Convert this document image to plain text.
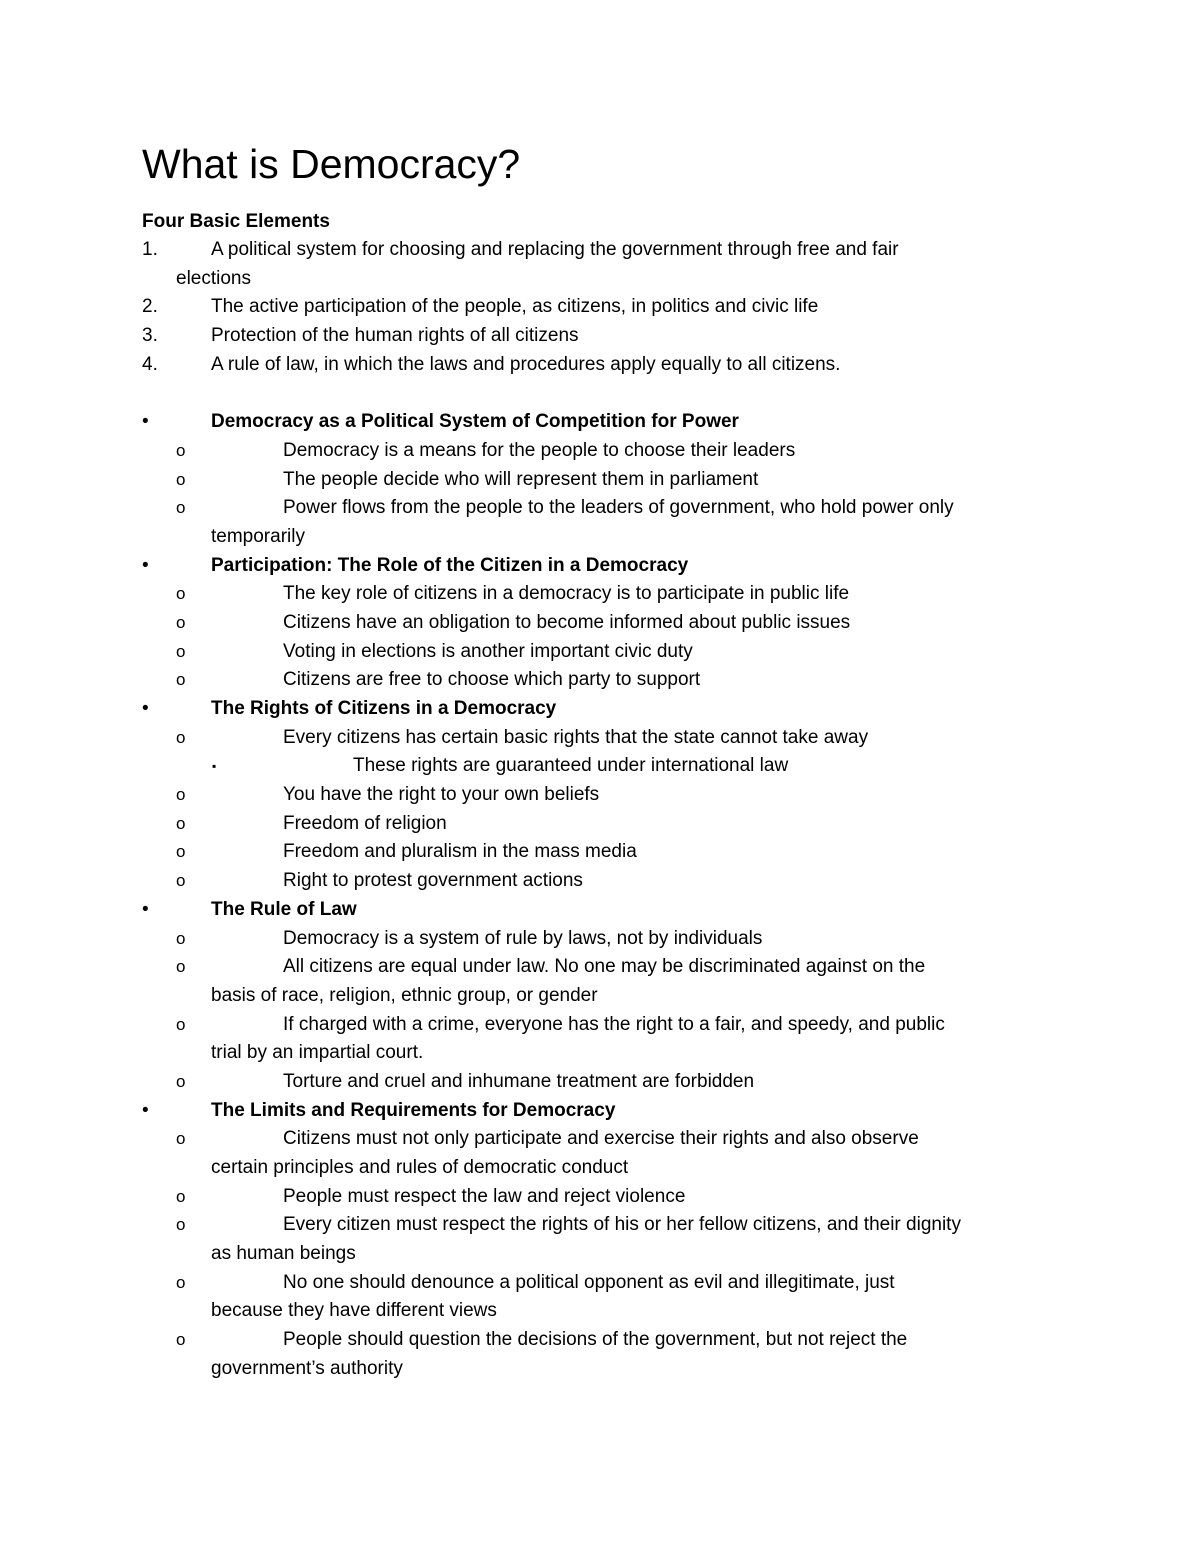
What is Democracy?
Four Basic Elements
1.	A political system for choosing and replacing the government through free and fair
elections
2.	The active participation of the people, as citizens, in politics and civic life
3.	Protection of the human rights of all citizens
4.	A rule of law, in which the laws and procedures apply equally to all citizens.
•	Democracy as a Political System of Competition for Power
o	Democracy is a means for the people to choose their leaders
o	The people decide who will represent them in parliament
o	Power flows from the people to the leaders of government, who hold power only
temporarily
•	Participation: The Role of the Citizen in a Democracy
o	The key role of citizens in a democracy is to participate in public life
o	Citizens have an obligation to become informed about public issues
o	Voting in elections is another important civic duty
o	Citizens are free to choose which party to support
•	The Rights of Citizens in a Democracy
o	Every citizens has certain basic rights that the state cannot take away
▪	These rights are guaranteed under international law
o	You have the right to your own beliefs
o	Freedom of religion
o	Freedom and pluralism in the mass media
o	Right to protest government actions
•	The Rule of Law
o	Democracy is a system of rule by laws, not by individuals
o	All citizens are equal under law. No one may be discriminated against on the
basis of race, religion, ethnic group, or gender
o	If charged with a crime, everyone has the right to a fair, and speedy, and public
trial by an impartial court.
o	Torture and cruel and inhumane treatment are forbidden
•	The Limits and Requirements for Democracy
o	Citizens must not only participate and exercise their rights and also observe
certain principles and rules of democratic conduct
o	People must respect the law and reject violence
o	Every citizen must respect the rights of his or her fellow citizens, and their dignity
as human beings
o	No one should denounce a political opponent as evil and illegitimate, just
because they have different views
o	People should question the decisions of the government, but not reject the
government’s authority
